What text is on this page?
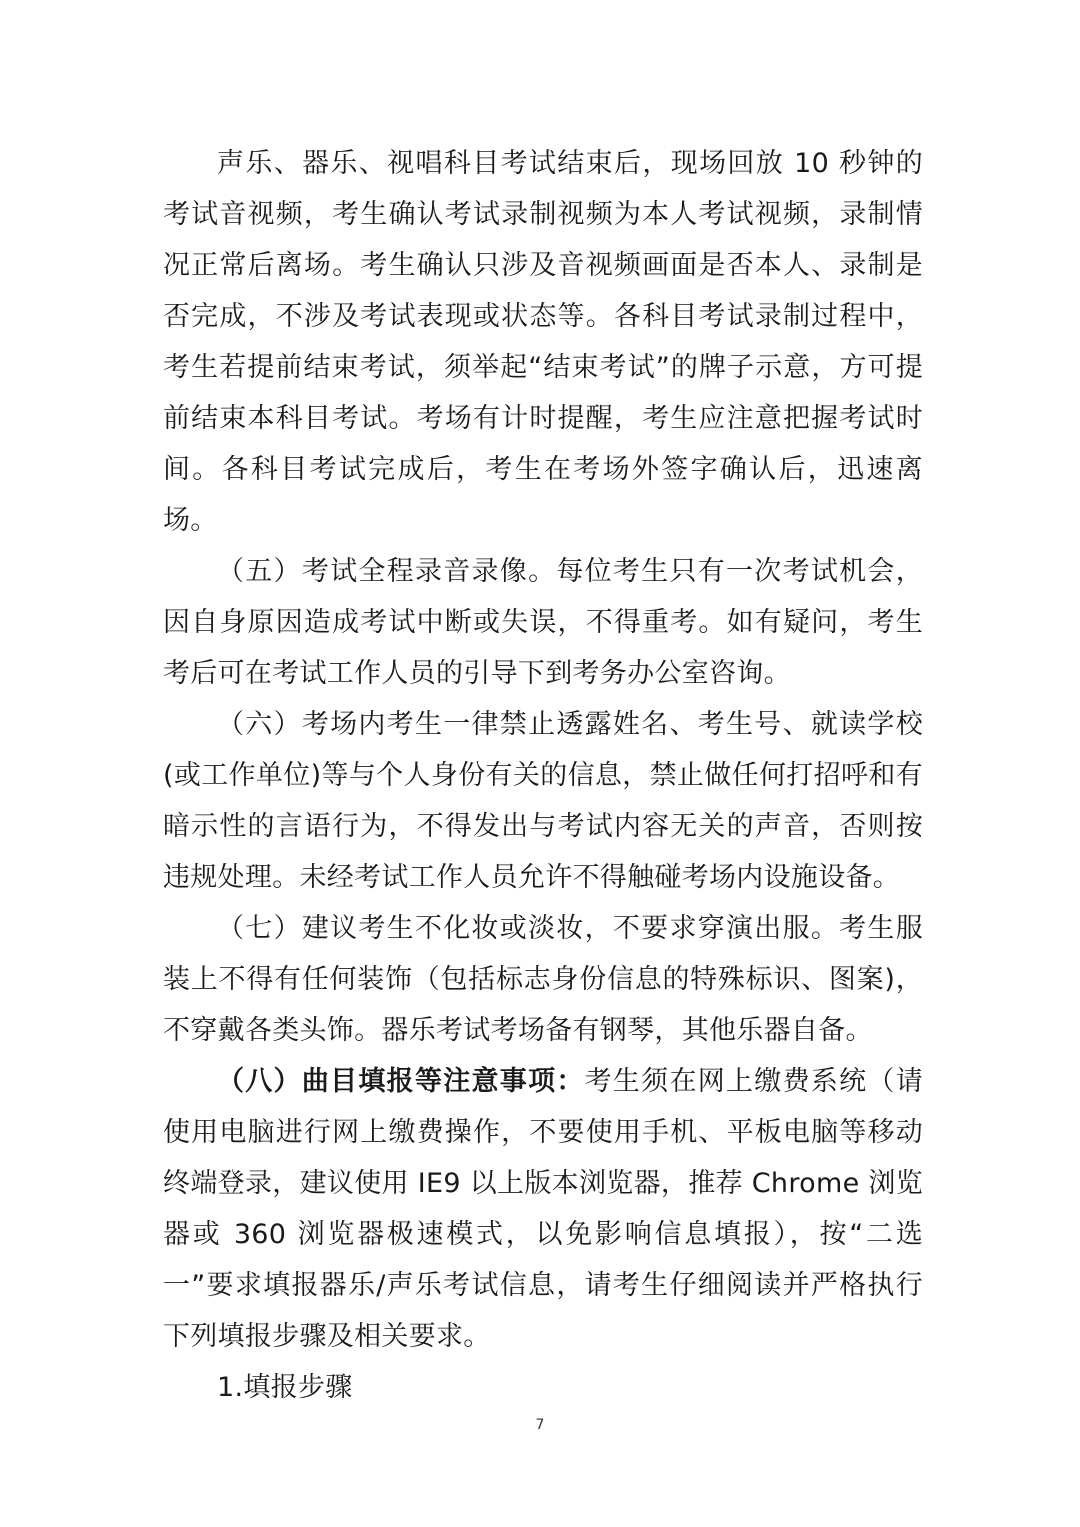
声乐、器乐、视唱科目考试结束后，现场回放 10 秒钟的考试音视频，考生确认考试录制视频为本人考试视频，录制情况正常后离场。考生确认只涉及音视频画面是否本人、录制是否完成，不涉及考试表现或状态等。各科目考试录制过程中，考生若提前结束考试，须举起“结束考试”的牌子示意，方可提前结束本科目考试。考场有计时提醒，考生应注意把握考试时间。各科目考试完成后，考生在考场外签字确认后，迅速离场。

（五）考试全程录音录像。每位考生只有一次考试机会，因自身原因造成考试中断或失误，不得重考。如有疑问，考生考后可在考试工作人员的引导下到考务办公室咨询。

（六）考场内考生一律禁止透露姓名、考生号、就读学校(或工作单位)等与个人身份有关的信息，禁止做任何打招呼和有暗示性的言语行为，不得发出与考试内容无关的声音，否则按违规处理。未经考试工作人员允许不得触碰考场内设施设备。

（七）建议考生不化妆或淡妆，不要求穿演出服。考生服装上不得有任何装饰（包括标志身份信息的特殊标识、图案)，不穿戴各类头饰。器乐考试考场备有钢琴，其他乐器自备。

（八）曲目填报等注意事项：考生须在网上缴费系统（请使用电脑进行网上缴费操作，不要使用手机、平板电脑等移动终端登录，建议使用 IE9 以上版本浏览器，推荐 Chrome 浏览器或 360 浏览器极速模式，以免影响信息填报），按“二选一”要求填报器乐/声乐考试信息，请考生仔细阅读并严格执行下列填报步骤及相关要求。

1.填报步骤

7
